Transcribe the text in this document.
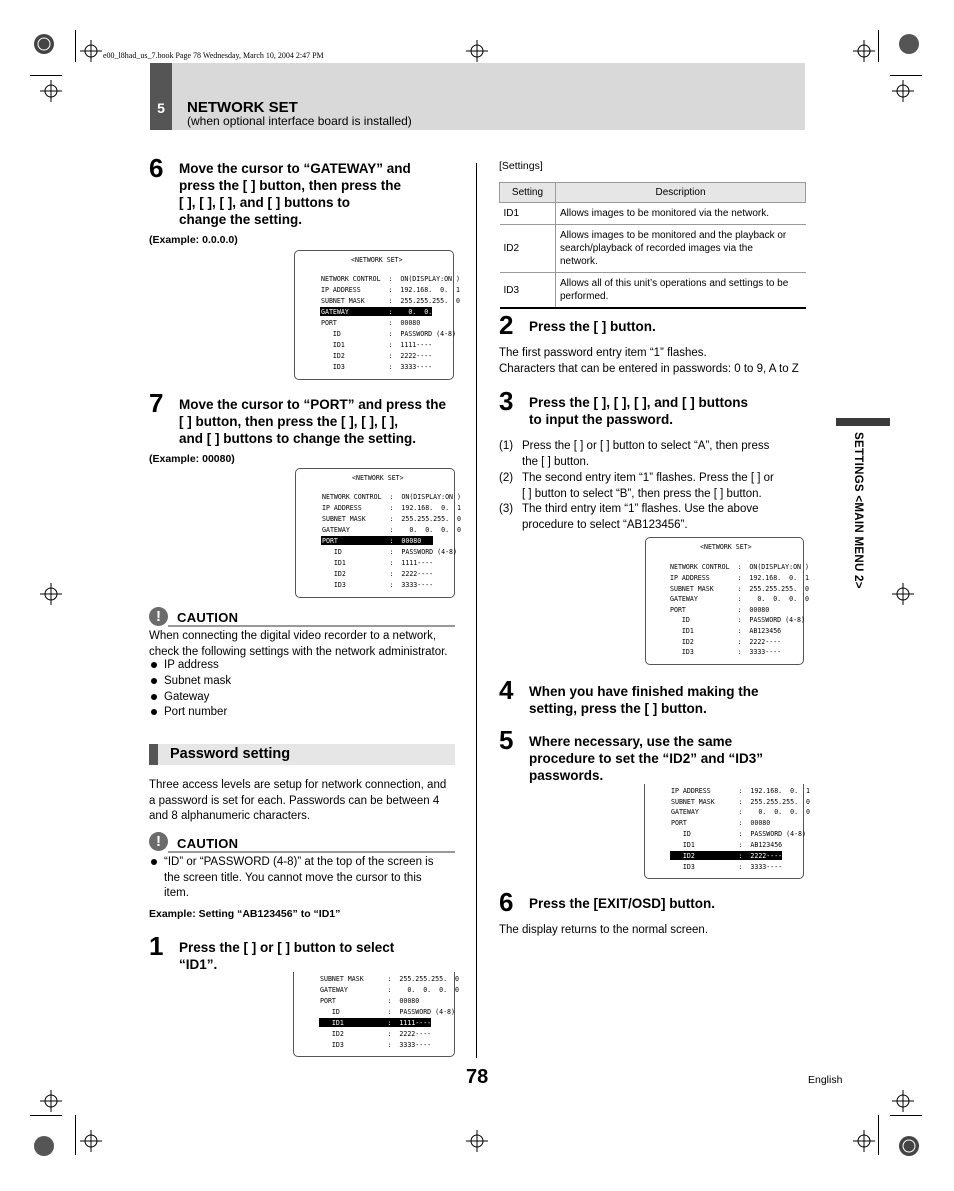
e00_l8had_us_7.book Page 78 Wednesday, March 10, 2004 2:47 PM
5	NETWORK SET
(when optional interface board is installed)
SETTINGS <MAIN MENU 2>
6 Move the cursor to “GATEWAY” and
press the [ ] button, then press the
[ ], [ ], [ ], and [ ] buttons to
change the setting.
(Example: 0.0.0.0)
<NETWORK SET>
NETWORK CONTROL  :  ON(DISPLAY:ON )
IP ADDRESS       :  192.168.  0.  1
SUBNET MASK      :  255.255.255.  0
GATEWAY          :    0.  0.  0.  0
PORT             :  00080
ID            :  PASSWORD (4-8)
ID1           :  1111----
ID2           :  2222----
ID3           :  3333----
7 Move the cursor to “PORT” and press the
[ ] button, then press the [ ], [ ], [ ],
and [ ] buttons to change the setting.
(Example: 00080)
<NETWORK SET>
NETWORK CONTROL  :  ON(DISPLAY:ON )
IP ADDRESS       :  192.168.  0.  1
SUBNET MASK      :  255.255.255.  0
GATEWAY          :    0.  0.  0.  0
PORT             :  00080
ID            :  PASSWORD (4-8)
ID1           :  1111----
ID2           :  2222----
ID3           :  3333----
!	CAUTION
When connecting the digital video recorder to a network,
check the following settings with the network administrator.
IP address
Subnet mask
Gateway
Port number
Password setting
Three access levels are setup for network connection, and
a password is set for each. Passwords can be between 4
and 8 alphanumeric characters.
!	CAUTION
“ID” or “PASSWORD (4-8)” at the top of the screen is
the screen title. You cannot move the cursor to this
item.
Example: Setting “AB123456” to “ID1”
1 Press the [ ] or [ ] button to select
“ID1”.
SUBNET MASK      :  255.255.255.  0
GATEWAY          :    0.  0.  0.  0
PORT             :  00080
ID            :  PASSWORD (4-8)
ID1           :  1111----
ID2           :  2222----
ID3           :  3333----
[Settings]
Setting	Description
ID1	Allows images to be monitored via the network.

ID2	Allows images to be monitored and the playback or
search/playback of recorded images via the
network.

ID3	Allows all of this unit’s operations and settings to be
performed.
2 Press the [ ] button.
The first password entry item “1” flashes.
Characters that can be entered in passwords: 0 to 9, A to Z
3 Press the [ ], [ ], [ ], and [ ] buttons
to input the password.
(1) Press the [ ] or [ ] button to select “A”, then press
the [ ] button.
(2) The second entry item “1” flashes. Press the [ ] or
[ ] button to select “B”, then press the [ ] button.
(3) The third entry item “1” flashes. Use the above
procedure to select “AB123456”.
<NETWORK SET>
NETWORK CONTROL  :  ON(DISPLAY:ON )
IP ADDRESS       :  192.168.  0.  1
SUBNET MASK      :  255.255.255.  0
GATEWAY          :    0.  0.  0.  0
PORT             :  00080
ID            :  PASSWORD (4-8)
ID1           :  AB123456
ID2           :  2222----
ID3           :  3333----
4 When you have finished making the
setting, press the [ ] button.
5 Where necessary, use the same
procedure to set the “ID2” and “ID3”
passwords.
IP ADDRESS       :  192.168.  0.  1
SUBNET MASK      :  255.255.255.  0
GATEWAY          :    0.  0.  0.  0
PORT             :  00080
ID            :  PASSWORD (4-8)
ID1           :  AB123456
ID2           :  2222----
ID3           :  3333----
6 Press the [EXIT/OSD] button.
The display returns to the normal screen.
78	English
